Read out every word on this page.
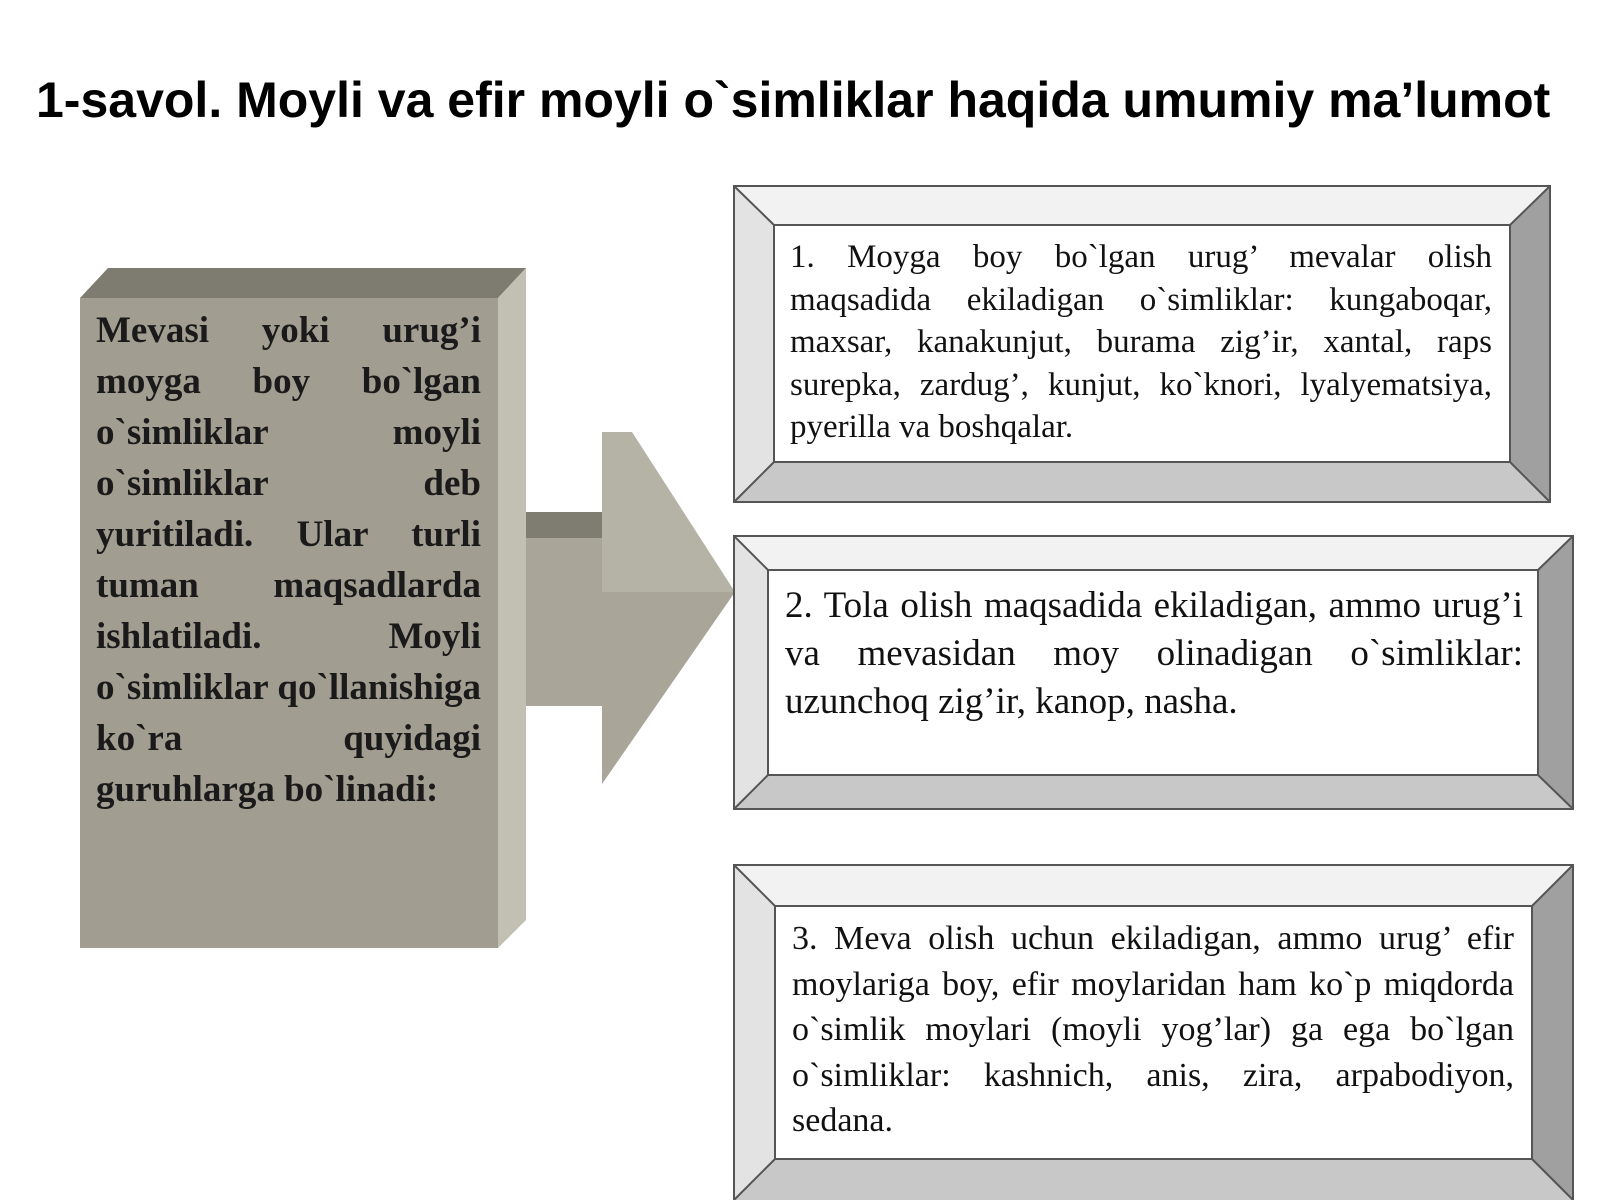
1-savol. Moyli va efir moyli o`simliklar haqida umumiy ma’lumot

Mevasi yoki urug’i moyga boy bo`lgan o`simliklar moyli o`simliklar deb yuritiladi. Ular turli tuman maqsadlarda ishlatiladi. Moyli o`simliklar qo`llanishiga ko`ra quyidagi guruhlarga bo`linadi:

1. Moyga boy bo`lgan urug’ mevalar olish maqsadida ekiladigan o`simliklar: kungaboqar, maxsar, kanakunjut, burama zig’ir, xantal, raps surepka, zardug’, kunjut, ko`knori, lyalyematsiya, pyerilla va boshqalar.

2. Tola olish maqsadida ekiladigan, ammo urug’i va mevasidan moy olinadigan o`simliklar: uzunchoq zig’ir, kanop, nasha.

3. Meva olish uchun ekiladigan, ammo urug’ efir moylariga boy, efir moylaridan ham ko`p miqdorda o`simlik moylari (moyli yog’lar) ga ega bo`lgan o`simliklar: kashnich, anis, zira, arpabodiyon, sedana.
